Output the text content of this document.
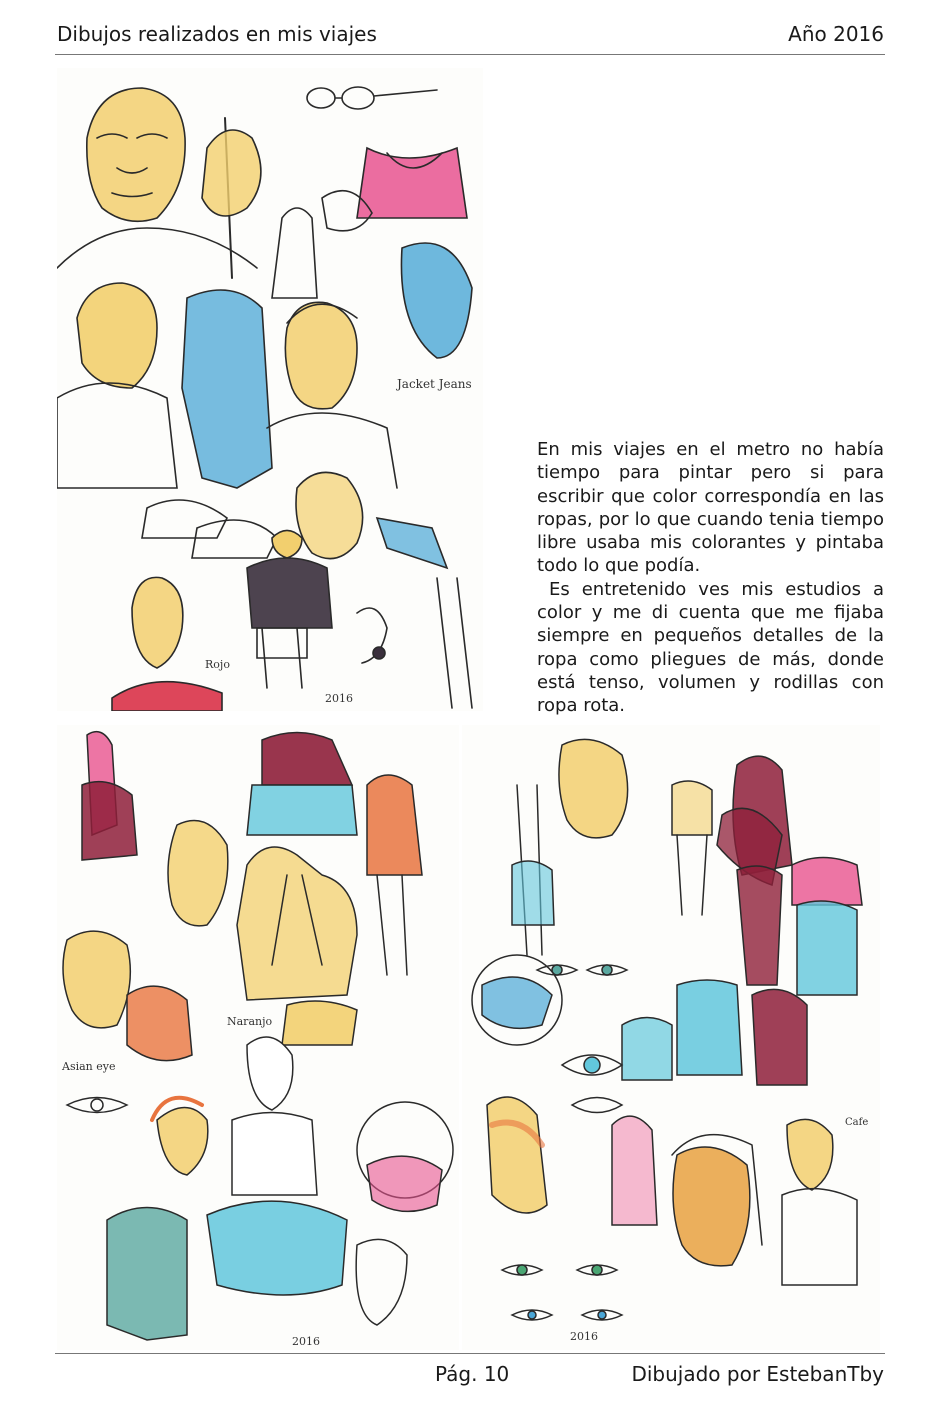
Dibujos realizados en mis viajes	Año 2016
Jacket Jeans
Rojo
2016

En mis viajes en el metro no había tiempo para pintar pero si para escribir que color correspondía en las ropas, por lo que cuando tenia tiempo libre usaba mis colorantes y pintaba todo lo que podía.

Es entretenido ves mis estudios a color y me di cuenta que me fijaba siempre en pequeños detalles de la ropa como pliegues de más, donde está tenso, volumen y rodillas con ropa rota.

Naranjo
Asian eye
2016
Cafe
2016
Pág. 10	Dibujado por EstebanTby
